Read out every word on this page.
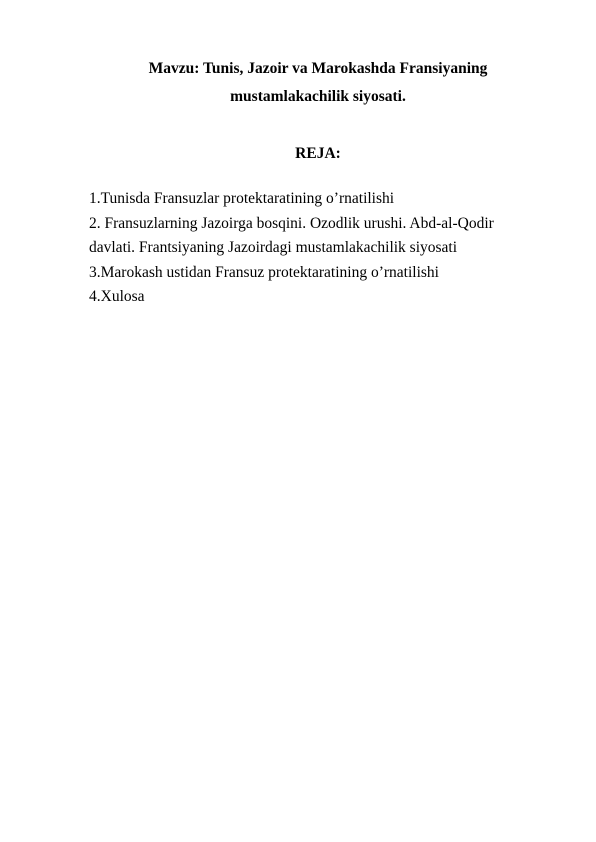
Mavzu: Tunis, Jazoir va Marokashda Fransiyaning
mustamlakachilik siyosati.
REJA:
1.Tunisda Fransuzlar protektaratining o’rnatilishi
2. Fransuzlarning Jazoirga bosqini. Ozodlik urushi. Abd-al-Qodir davlati. Frantsiyaning Jazoirdagi mustamlakachilik siyosati
3.Marokash ustidan Fransuz protektaratining o’rnatilishi
4.Xulosa
